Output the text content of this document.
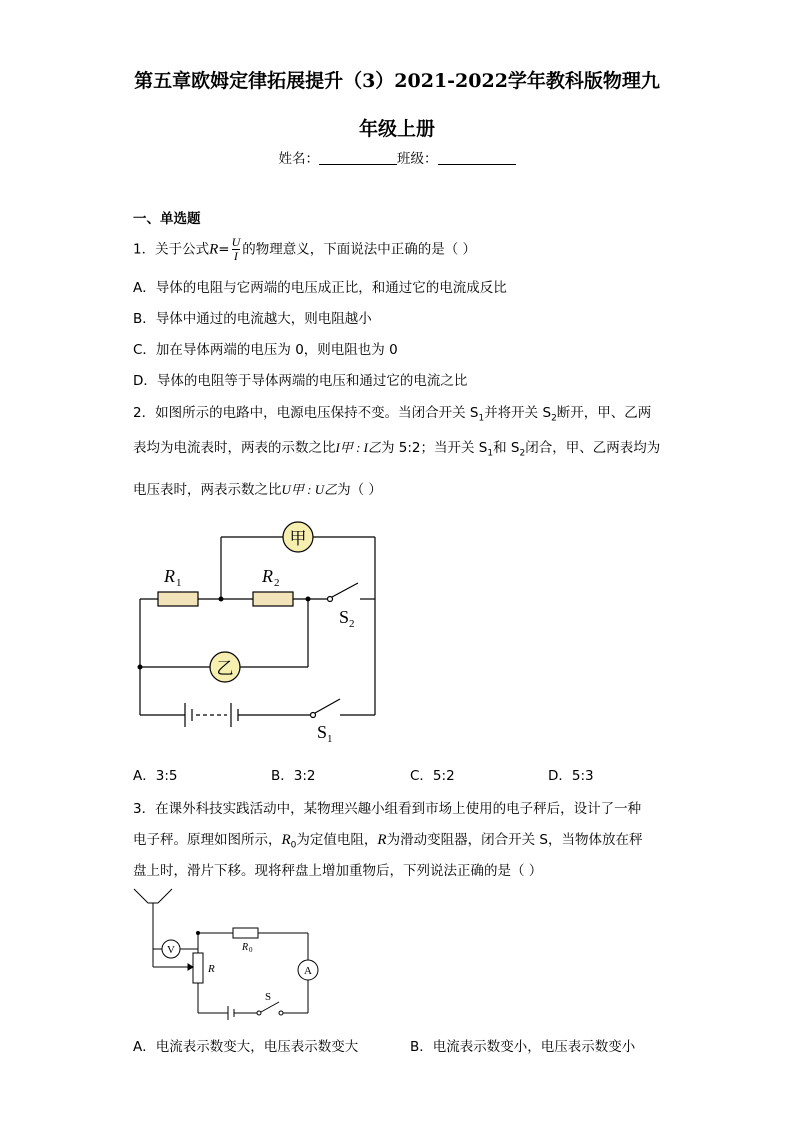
第五章欧姆定律拓展提升（3）2021-2022学年教科版物理九
年级上册
姓名：	班级：
一、单选题
1．关于公式$R= \frac{U}{I}$ 的物理意义，下面说法中正确的是（ ）
A．导体的电阻与它两端的电压成正比，和通过它的电流成反比
B．导体中通过的电流越大，则电阻越小
C．加在导体两端的电压为 0，则电阻也为 0
D．导体的电阻等于导体两端的电压和通过它的电流之比
2．如图所示的电路中，电源电压保持不变。当闭合开关 $S_1$并将开关 $S_2$断开，甲、乙两
表均为电流表时，两表的示数之比I甲 : I乙为 5:2；当开关 $S_1$和 $S_2$闭合，甲、乙两表均为
电压表时，两表示数之比U甲 : U乙为（ ）
甲
乙
R 1	R 2
S 2
S 1
A．3:5	B．3:2	C．5:2	D．5:3
3．在课外科技实践活动中，某物理兴趣小组看到市场上使用的电子秤后，设计了一种
电子秤。原理如图所示，$R_0$为定值电阻，R为滑动变阻器，闭合开关 S，当物体放在秤
盘上时，滑片下移。现将秤盘上增加重物后，下列说法正确的是（ ）
V
A
R
R 0
S
A．电流表示数变大，电压表示数变大	B．电流表示数变小，电压表示数变小
